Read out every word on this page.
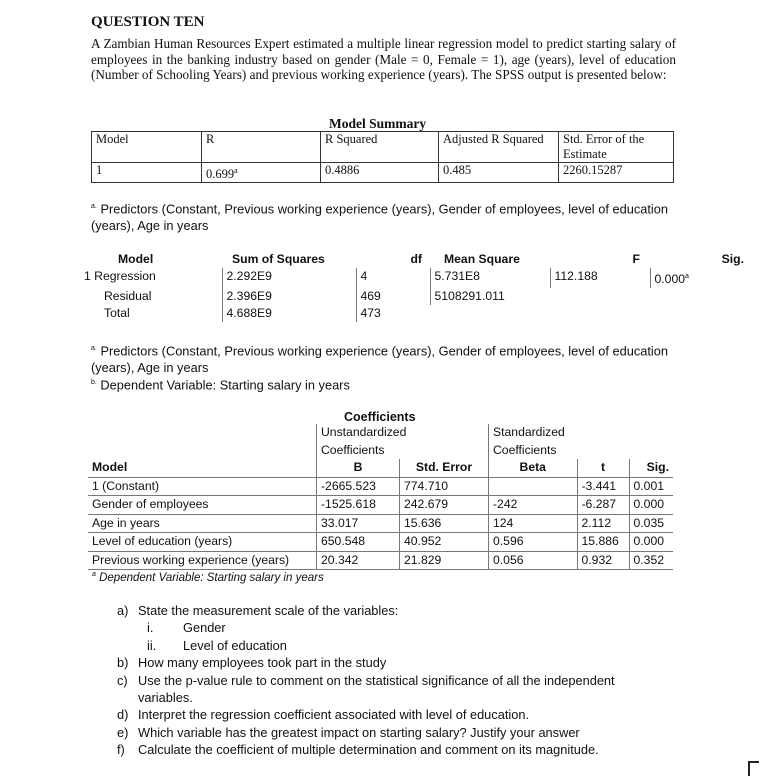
QUESTION TEN
A Zambian Human Resources Expert estimated a multiple linear regression model to predict starting salary of employees in the banking industry based on gender (Male = 0, Female = 1), age (years), level of education (Number of Schooling Years) and previous working experience (years). The SPSS output is presented below:
Model Summary
Model	R	R Squared	Adjusted R Squared	Std. Error of the Estimate
1	0.699$^a$	0.4886	0.485	2260.15287
$^{a.}$ Predictors (Constant, Previous working experience (years), Gender of employees, level of education (years), Age in years
Model	Sum of Squares	df	Mean Square	F	Sig.
1 Regression	2.292E9	4	5.731E8	112.188	0.000$^a$
Residual	2.396E9	469	5108291.011		
Total	4.688E9	473			
$^{a.}$ Predictors (Constant, Previous working experience (years), Gender of employees, level of education (years), Age in years
$^{b.}$ Dependent Variable: Starting salary in years
Coefficients
	Unstandardized		Standardized		
	Coefficients		Coefficients		
Model	B	Std. Error	Beta	t	Sig.
1 (Constant)	-2665.523	774.710		-3.441	0.001
Gender of employees	-1525.618	242.679	-242	-6.287	0.000
Age in years	33.017	15.636	124	2.112	0.035
Level of education (years)	650.548	40.952	0.596	15.886	0.000
Previous working experience (years)	20.342	21.829	0.056	0.932	0.352
$^a$ Dependent Variable: Starting salary in years
a) State the measurement scale of the variables:
i. Gender
ii. Level of education
b) How many employees took part in the study
c) Use the p-value rule to comment on the statistical significance of all the independent variables.
d) Interpret the regression coefficient associated with level of education.
e) Which variable has the greatest impact on starting salary? Justify your answer
f) Calculate the coefficient of multiple determination and comment on its magnitude.
